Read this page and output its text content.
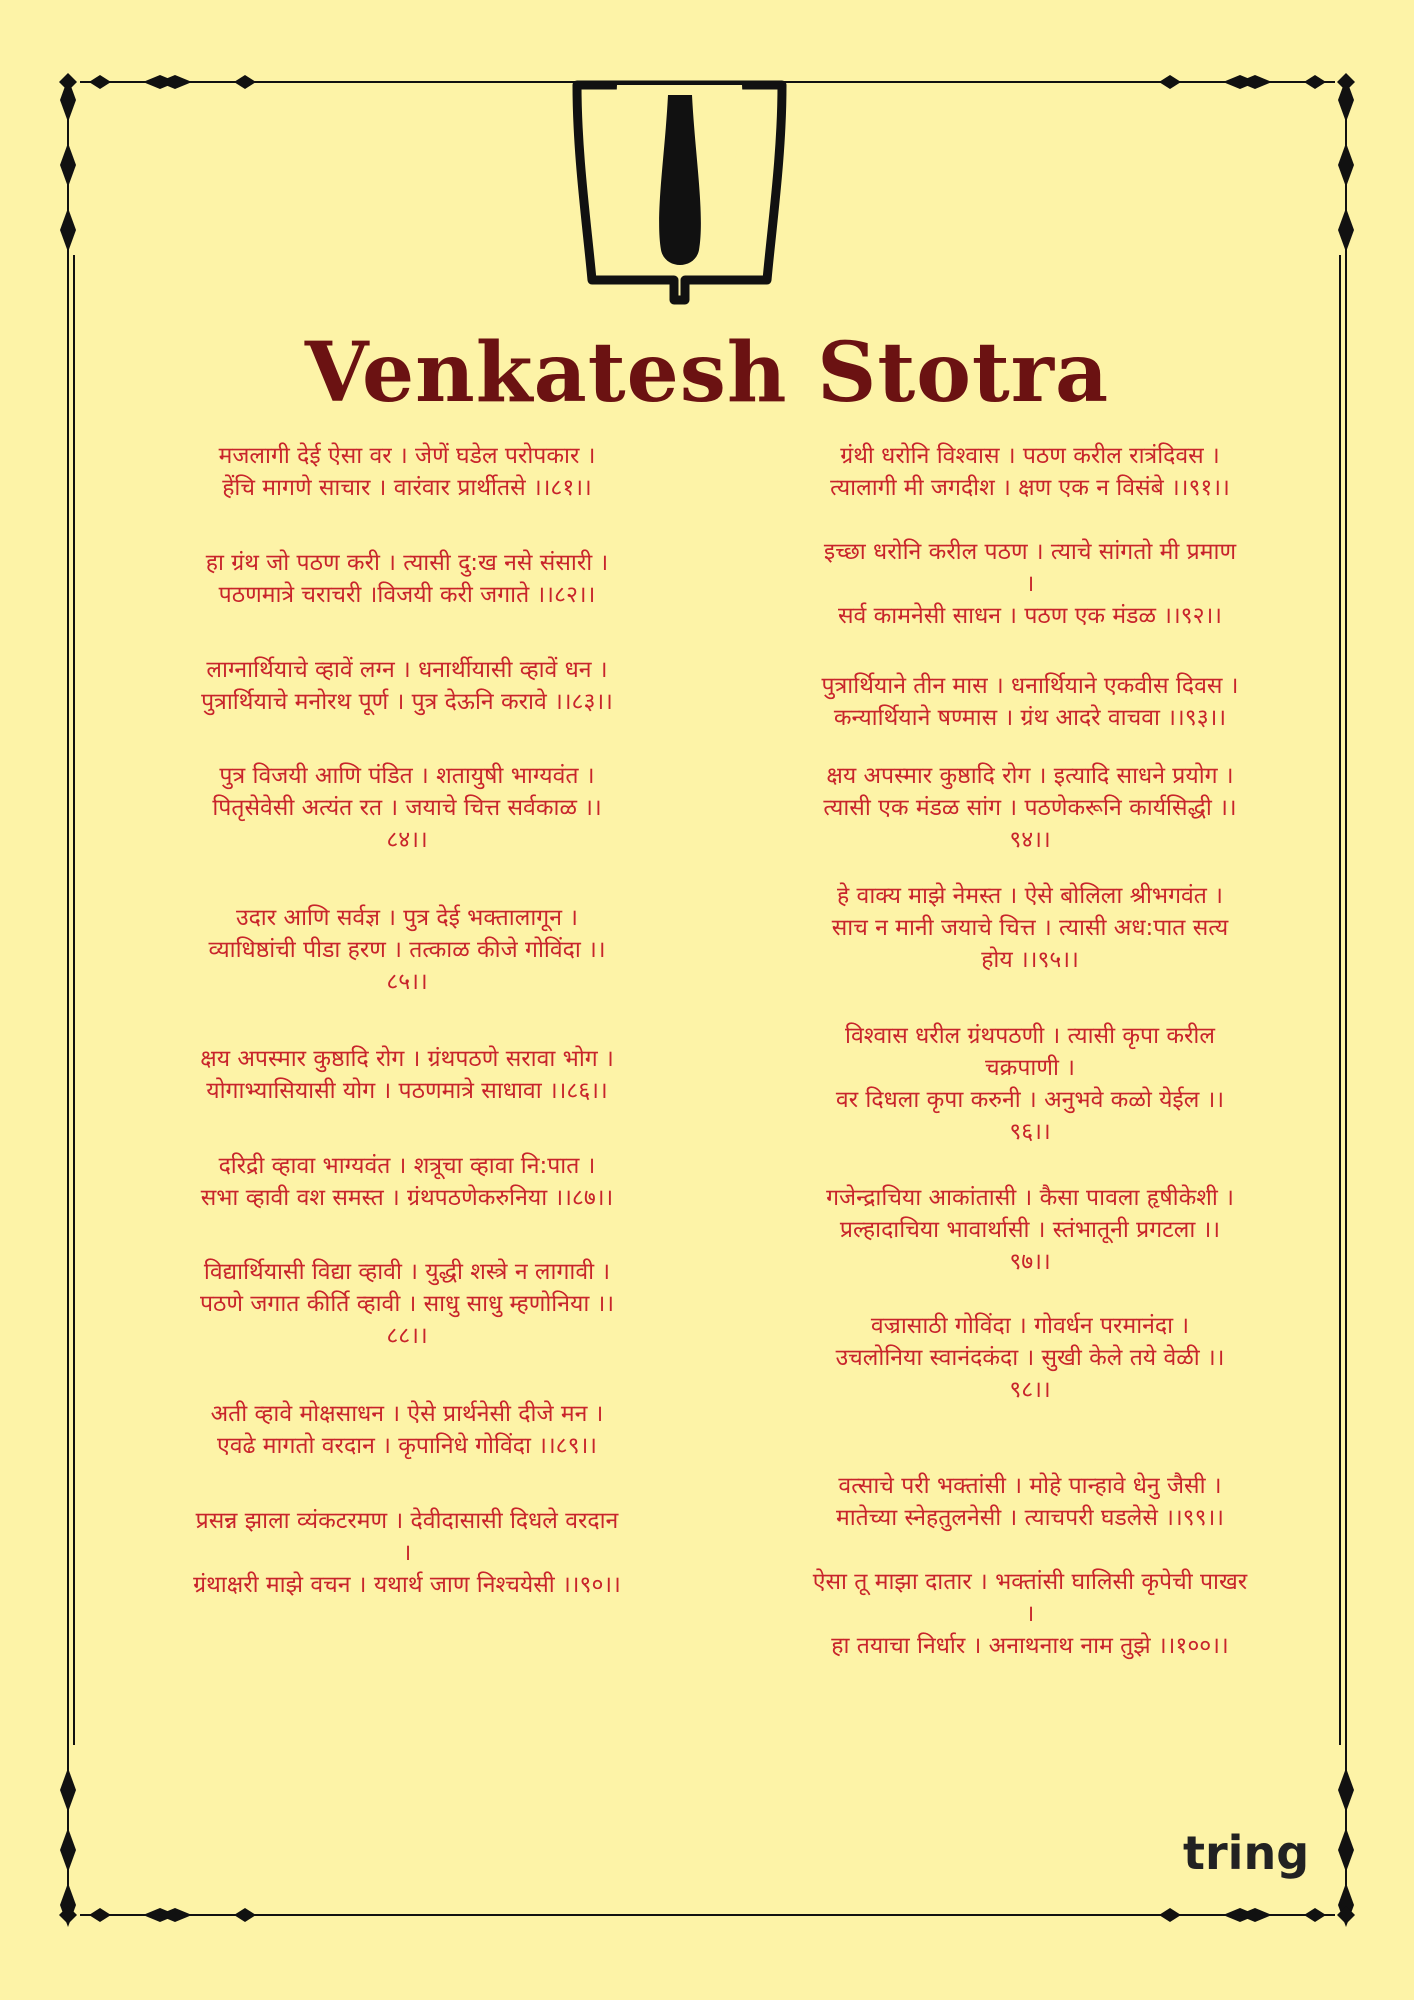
Venkatesh Stotra
मजलागी देई ऐसा वर । जेणें घडेल परोपकार ।
हेंचि मागणे साचार । वारंवार प्रार्थीतसे ।।८१।।
हा ग्रंथ जो पठण करी । त्यासी दु:ख नसे संसारी ।
पठणमात्रे चराचरी ।विजयी करी जगाते ।।८२।।
लाग्नार्थियाचे व्हावें लग्न । धनार्थीयासी व्हावें धन ।
पुत्रार्थियाचे मनोरथ पूर्ण । पुत्र देऊनि करावे ।।८३।।
पुत्र विजयी आणि पंडित । शतायुषी भाग्यवंत ।
पितृसेवेसी अत्यंत रत । जयाचे चित्त सर्वकाळ ।।
८४।।
उदार आणि सर्वज्ञ । पुत्र देई भक्तालागून ।
व्याधिष्ठांची पीडा हरण । तत्काळ कीजे गोविंदा ।।
८५।।
क्षय अपस्मार कुष्ठादि रोग । ग्रंथपठणे सरावा भोग ।
योगाभ्यासियासी योग । पठणमात्रे साधावा ।।८६।।
दरिद्री व्हावा भाग्यवंत । शत्रूचा व्हावा नि:पात ।
सभा व्हावी वश समस्त । ग्रंथपठणेकरुनिया ।।८७।।
विद्यार्थियासी विद्या व्हावी । युद्धी शस्त्रे न लागावी ।
पठणे जगात कीर्ति व्हावी । साधु साधु म्हणोनिया ।।
८८।।
अती व्हावे मोक्षसाधन । ऐसे प्रार्थनेसी दीजे मन ।
एवढे मागतो वरदान । कृपानिधे गोविंदा ।।८९।।
प्रसन्न झाला व्यंकटरमण । देवीदासासी दिधले वरदान
।
ग्रंथाक्षरी माझे वचन । यथार्थ जाण निश्चयेसी ।।९०।।
ग्रंथी धरोनि विश्वास । पठण करील रात्रंदिवस ।
त्यालागी मी जगदीश । क्षण एक न विसंबे ।।९१।।
इच्छा धरोनि करील पठण । त्याचे सांगतो मी प्रमाण
।
सर्व कामनेसी साधन । पठण एक मंडळ ।।९२।।
पुत्रार्थियाने तीन मास । धनार्थियाने एकवीस दिवस ।
कन्यार्थियाने षण्मास । ग्रंथ आदरे वाचवा ।।९३।।
क्षय अपस्मार कुष्ठादि रोग । इत्यादि साधने प्रयोग ।
त्यासी एक मंडळ सांग । पठणेकरूनि कार्यसिद्धी ।।
९४।।
हे वाक्य माझे नेमस्त । ऐसे बोलिला श्रीभगवंत ।
साच न मानी जयाचे चित्त । त्यासी अध:पात सत्य
होय ।।९५।।
विश्वास धरील ग्रंथपठणी । त्यासी कृपा करील
चक्रपाणी ।
वर दिधला कृपा करुनी । अनुभवे कळो येईल ।।
९६।।
गजेन्द्राचिया आकांतासी । कैसा पावला हृषीकेशी ।
प्रल्हादाचिया भावार्थासी । स्तंभातूनी प्रगटला ।।
९७।।
वज्रासाठी गोविंदा । गोवर्धन परमानंदा ।
उचलोनिया स्वानंदकंदा । सुखी केले तये वेळी ।।
९८।।
वत्साचे परी भक्तांसी । मोहे पान्हावे धेनु जैसी ।
मातेच्या स्नेहतुलनेसी । त्याचपरी घडलेसे ।।९९।।
ऐसा तू माझा दातार । भक्तांसी घालिसी कृपेची पाखर
।
हा तयाचा निर्धार । अनाथनाथ नाम तुझे ।।१००।।
tring
